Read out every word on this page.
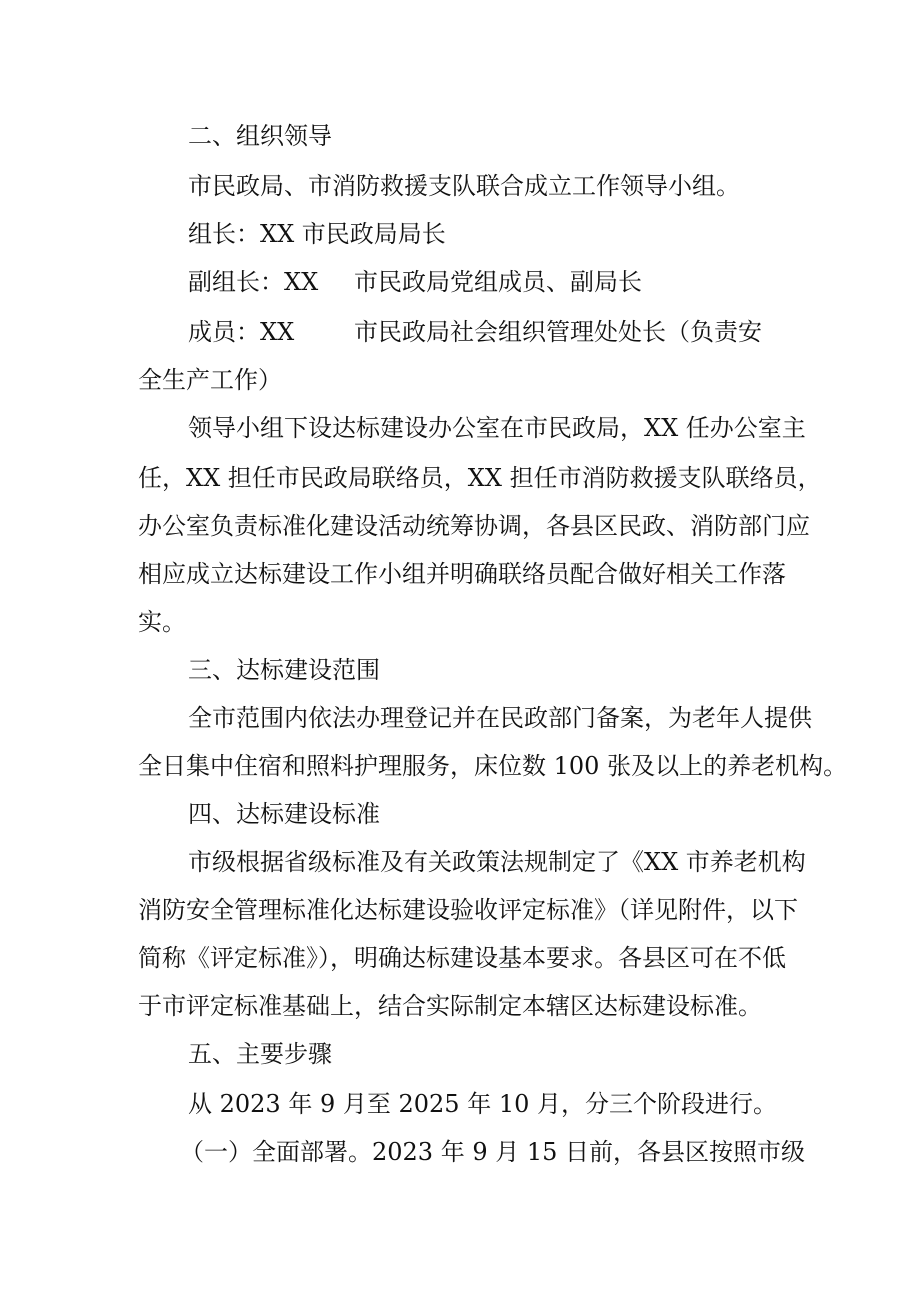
二、组织领导
市民政局、市消防救援支队联合成立工作领导小组。
组长：XX 市民政局局长
副组长：XX 市民政局党组成员、副局长
成员：XX 市民政局社会组织管理处处长（负责安
全生产工作）
领导小组下设达标建设办公室在市民政局，XX 任办公室主
任，XX 担任市民政局联络员，XX 担任市消防救援支队联络员，
办公室负责标准化建设活动统筹协调，各县区民政、消防部门应
相应成立达标建设工作小组并明确联络员配合做好相关工作落
实。
三、达标建设范围
全市范围内依法办理登记并在民政部门备案，为老年人提供
全日集中住宿和照料护理服务，床位数 100 张及以上的养老机构。
四、达标建设标准
市级根据省级标准及有关政策法规制定了《XX 市养老机构
消防安全管理标准化达标建设验收评定标准》（详见附件，以下
简称《评定标准》），明确达标建设基本要求。各县区可在不低
于市评定标准基础上，结合实际制定本辖区达标建设标准。
五、主要步骤
从 2023 年 9 月至 2025 年 10 月，分三个阶段进行。
（一）全面部署。2023 年 9 月 15 日前，各县区按照市级
